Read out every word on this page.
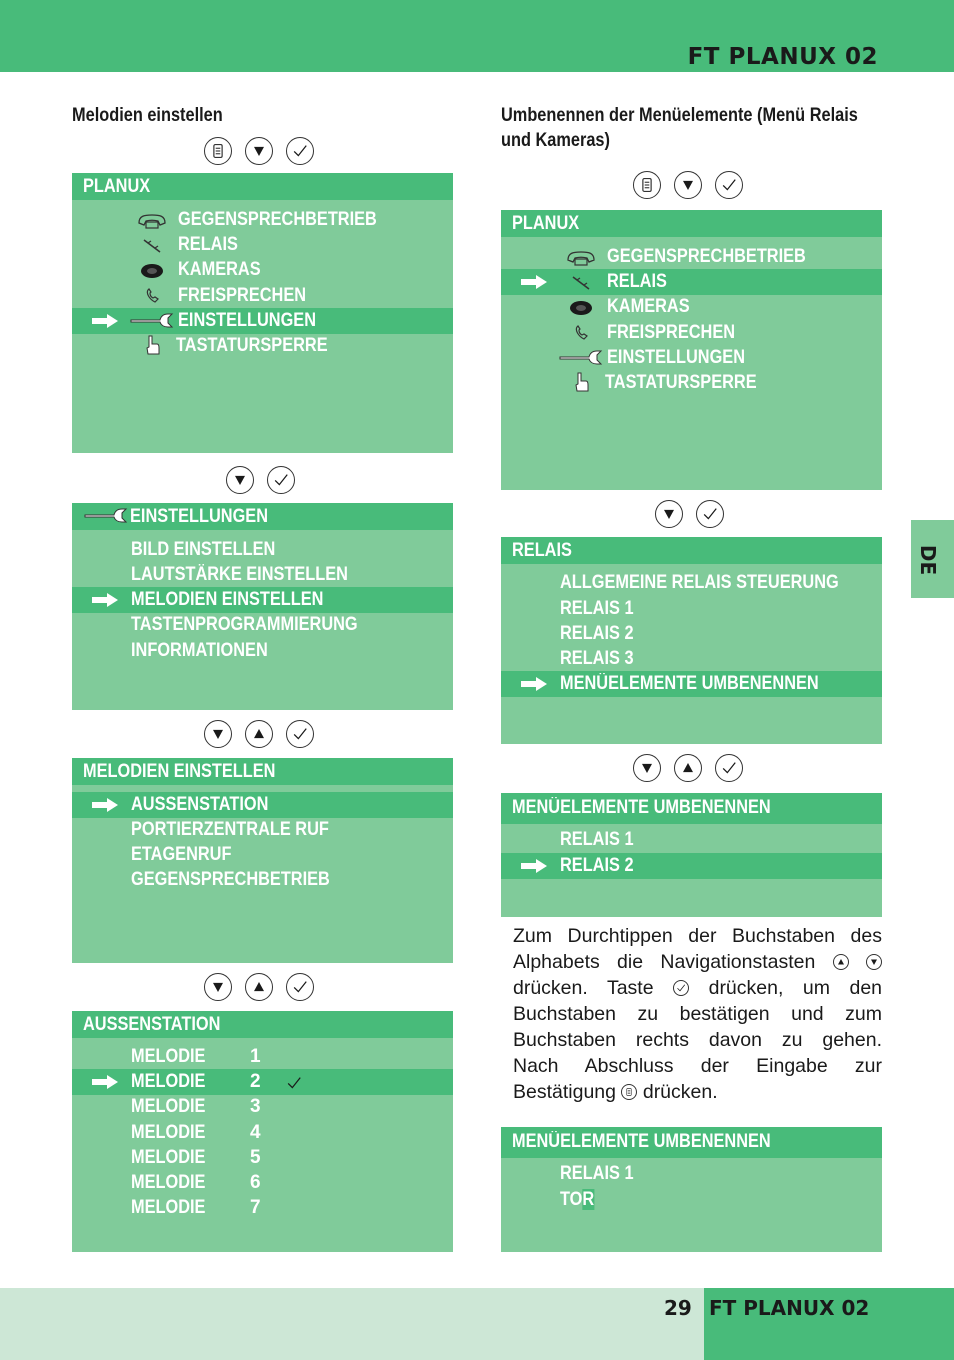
FT PLANUX 02
Melodien einstellen
PLANUX
GEGENSPRECHBETRIEB
RELAIS
KAMERAS
FREISPRECHEN
EINSTELLUNGEN
TASTATURSPERRE
EINSTELLUNGEN
BILD EINSTELLEN
LAUTSTÄRKE EINSTELLEN
MELODIEN EINSTELLEN
TASTENPROGRAMMIERUNG
INFORMATIONEN
MELODIEN EINSTELLEN
AUSSENSTATION
PORTIERZENTRALE RUF
ETAGENRUF
GEGENSPRECHBETRIEB
AUSSENSTATION
MELODIE 1
MELODIE 2
MELODIE 3
MELODIE 4
MELODIE 5
MELODIE 6
MELODIE 7
Umbenennen der Menüelemente (Menü Relais
und Kameras)
PLANUX
GEGENSPRECHBETRIEB
RELAIS
KAMERAS
FREISPRECHEN
EINSTELLUNGEN
TASTATURSPERRE
RELAIS
ALLGEMEINE RELAIS STEUERUNG
RELAIS 1
RELAIS 2
RELAIS 3
MENÜELEMENTE UMBENENNEN
MENÜELEMENTE UMBENENNEN
RELAIS 1
RELAIS 2
Zum Durchtippen der Buchstaben des
Alphabets die Navigationstasten

drücken. Taste	drücken, um den
Buchstaben zu bestätigen und zum
Buchstaben rechts davon zu gehen.
Nach Abschluss der Eingabe zur
Bestätigung drücken.
MENÜELEMENTE UMBENENNEN
RELAIS 1
TOR
DE
29 FT PLANUX 02
